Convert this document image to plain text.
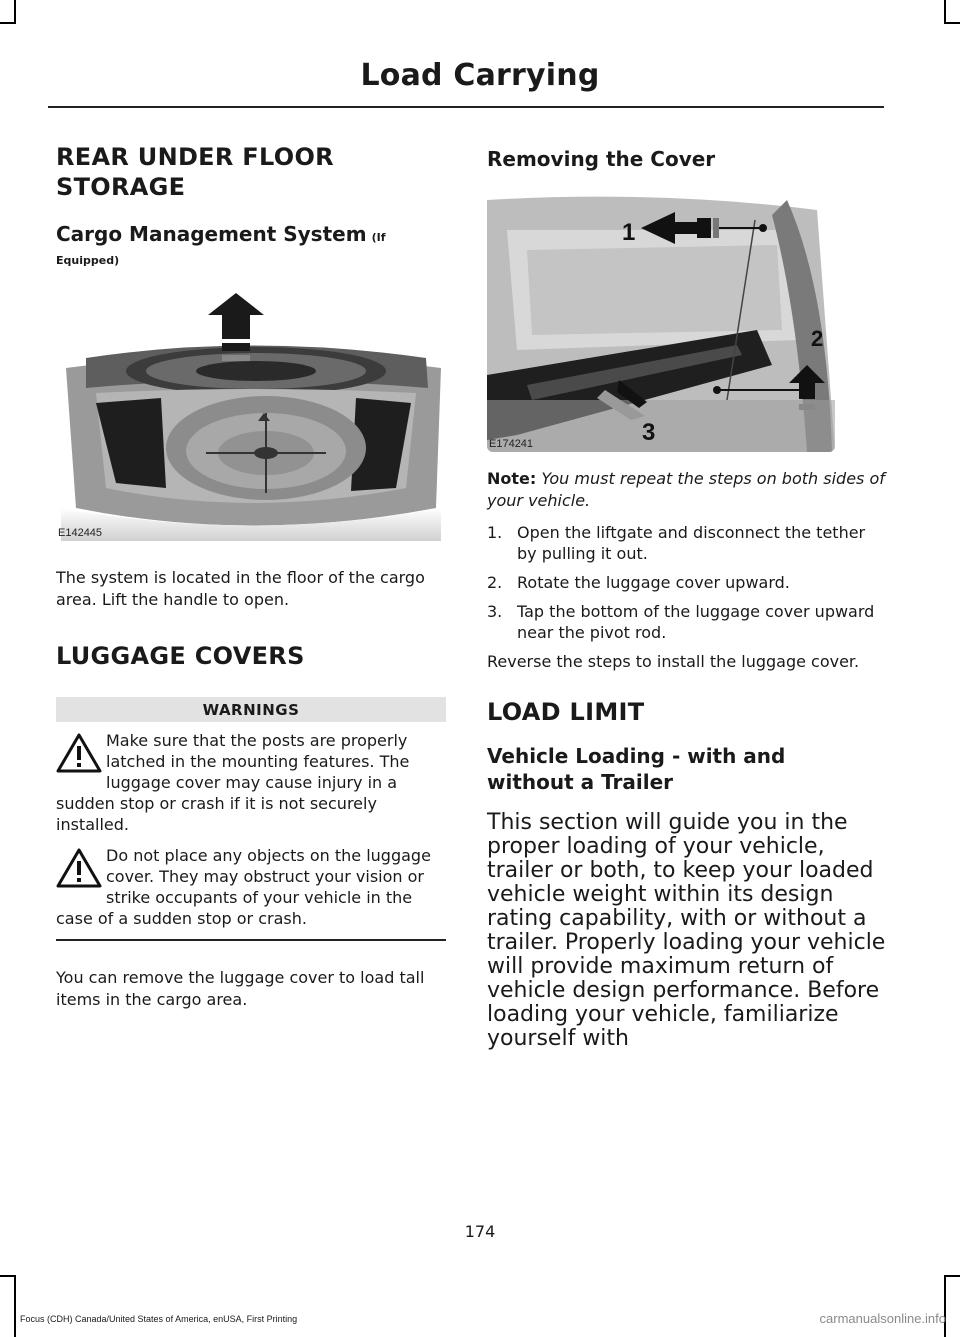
Load Carrying
REAR UNDER FLOOR
STORAGE
Cargo Management System (If
Equipped)
E142445

The system is located in the floor of the cargo area. Lift the handle to open.

LUGGAGE COVERS
WARNINGS
Make sure that the posts are properly latched in the mounting features. The luggage cover may cause injury in a sudden stop or crash if it is not securely installed.
Do not place any objects on the luggage cover. They may obstruct your vision or strike occupants of your vehicle in the case of a sudden stop or crash.

You can remove the luggage cover to load tall items in the cargo area.

Removing the Cover
1
2
3
E174241

Note: You must repeat the steps on both sides of your vehicle.

1. Open the liftgate and disconnect the tether by pulling it out.
2. Rotate the luggage cover upward.
3. Tap the bottom of the luggage cover upward near the pivot rod.

Reverse the steps to install the luggage cover.

LOAD LIMIT
Vehicle Loading - with and without a Trailer

This section will guide you in the proper loading of your vehicle, trailer or both, to keep your loaded vehicle weight within its design rating capability, with or without a trailer. Properly loading your vehicle will provide maximum return of vehicle design performance. Before loading your vehicle, familiarize yourself with

174
Focus (CDH) Canada/United States of America, enUSA, First Printing	carmanualsonline.info
